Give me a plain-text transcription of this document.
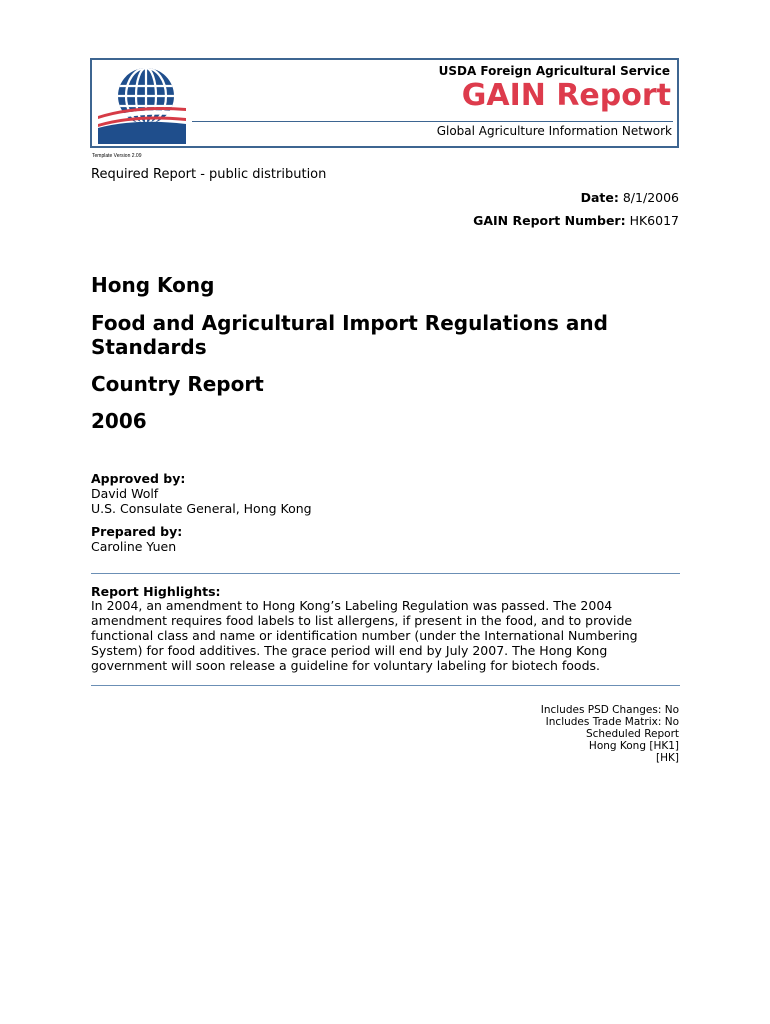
USDA Foreign Agricultural Service
GAIN Report
Global Agriculture Information Network
Template Version 2.09
Required Report - public distribution
Date: 8/1/2006
GAIN Report Number: HK6017
Hong Kong
Food and Agricultural Import Regulations and Standards
Country Report
2006
Approved by:
David Wolf
U.S. Consulate General, Hong Kong
Prepared by:
Caroline Yuen
Report Highlights:
In 2004, an amendment to Hong Kong’s Labeling Regulation was passed. The 2004 amendment requires food labels to list allergens, if present in the food, and to provide functional class and name or identification number (under the International Numbering System) for food additives. The grace period will end by July 2007. The Hong Kong government will soon release a guideline for voluntary labeling for biotech foods.
Includes PSD Changes: No
Includes Trade Matrix: No
Scheduled Report
Hong Kong [HK1]
[HK]
